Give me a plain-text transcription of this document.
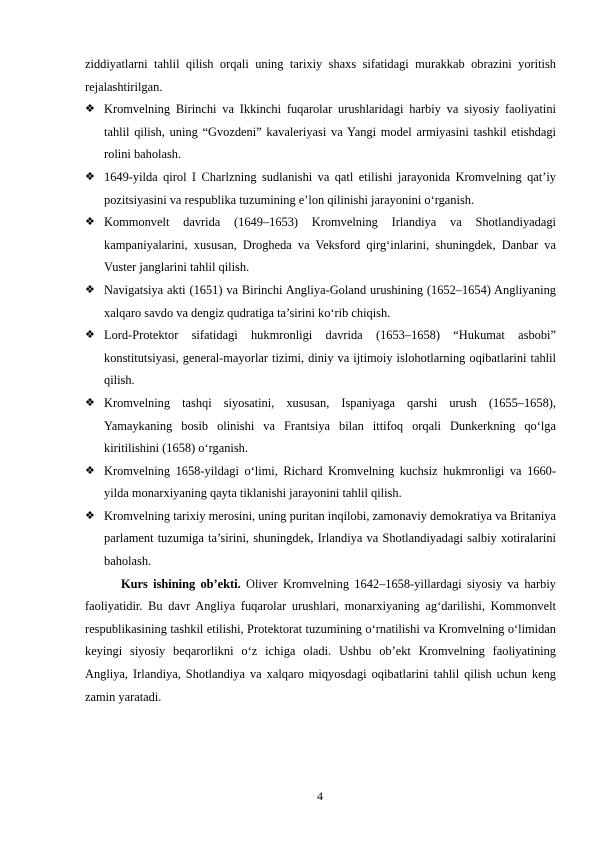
ziddiyatlarni tahlil qilish orqali uning tarixiy shaxs sifatidagi murakkab obrazini yoritish rejalashtirilgan.

❖ Kromvelning Birinchi va Ikkinchi fuqarolar urushlaridagi harbiy va siyosiy faoliyatini tahlil qilish, uning “Gvozdeni” kavaleriyasi va Yangi model armiyasini tashkil etishdagi rolini baholash.
❖ 1649-yilda qirol I Charlzning sudlanishi va qatl etilishi jarayonida Kromvelning qat’iy pozitsiyasini va respublika tuzumining e’lon qilinishi jarayonini o‘rganish.
❖ Kommonvelt davrida (1649–1653) Kromvelning Irlandiya va Shotlandiyadagi kampaniyalarini, xususan, Drogheda va Veksford qirg‘inlarini, shuningdek, Danbar va Vuster janglarini tahlil qilish.
❖ Navigatsiya akti (1651) va Birinchi Angliya-Goland urushining (1652–1654) Angliyaning xalqaro savdo va dengiz qudratiga ta’sirini ko‘rib chiqish.
❖ Lord-Protektor sifatidagi hukmronligi davrida (1653–1658) “Hukumat asbobi” konstitutsiyasi, general-mayorlar tizimi, diniy va ijtimoiy islohotlarning oqibatlarini tahlil qilish.
❖ Kromvelning tashqi siyosatini, xususan, Ispaniyaga qarshi urush (1655–1658), Yamaykaning bosib olinishi va Frantsiya bilan ittifoq orqali Dunkerkning qo‘lga kiritilishini (1658) o‘rganish.
❖ Kromvelning 1658-yildagi o‘limi, Richard Kromvelning kuchsiz hukmronligi va 1660-yilda monarxiyaning qayta tiklanishi jarayonini tahlil qilish.
❖ Kromvelning tarixiy merosini, uning puritan inqilobi, zamonaviy demokratiya va Britaniya parlament tuzumiga ta’sirini, shuningdek, Irlandiya va Shotlandiyadagi salbiy xotiralarini baholash.

Kurs ishining ob’ekti. Oliver Kromvelning 1642–1658-yillardagi siyosiy va harbiy faoliyatidir. Bu davr Angliya fuqarolar urushlari, monarxiyaning ag‘darilishi, Kommonvelt respublikasining tashkil etilishi, Protektorat tuzumining o‘rnatilishi va Kromvelning o‘limidan keyingi siyosiy beqarorlikni o‘z ichiga oladi. Ushbu ob’ekt Kromvelning faoliyatining Angliya, Irlandiya, Shotlandiya va xalqaro miqyosdagi oqibatlarini tahlil qilish uchun keng zamin yaratadi.

4
